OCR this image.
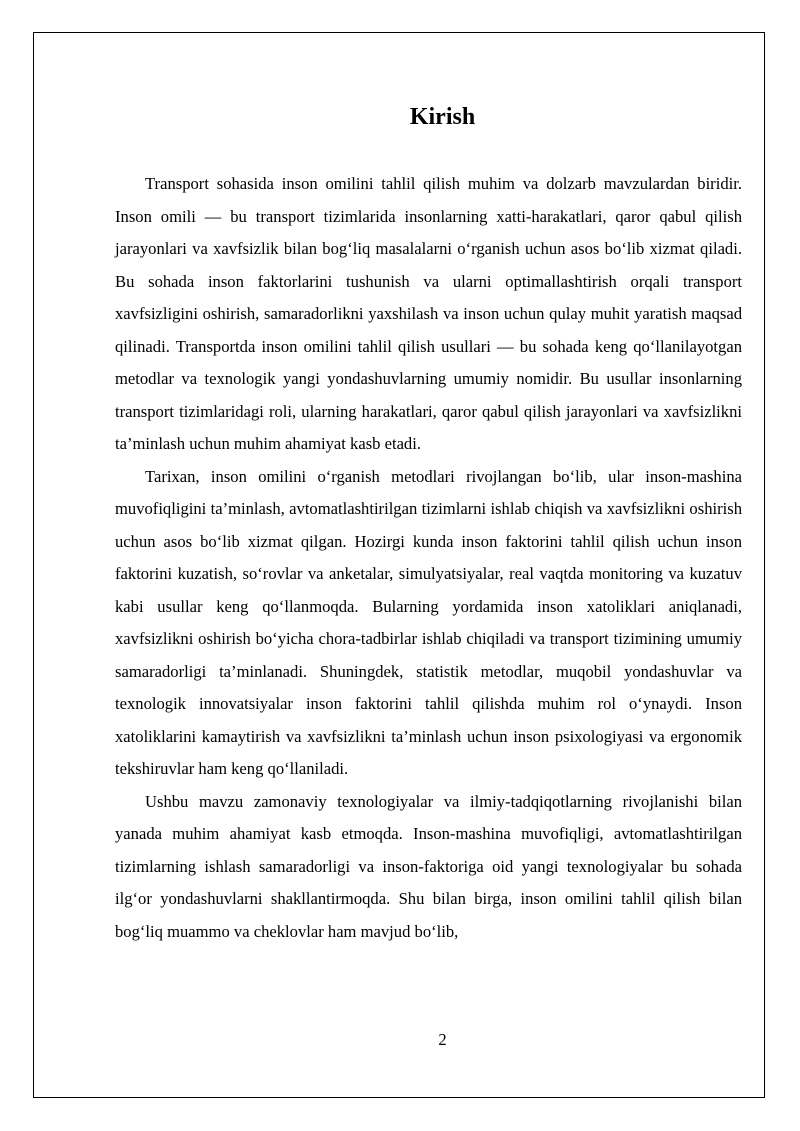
Kirish

Transport sohasida inson omilini tahlil qilish muhim va dolzarb mavzulardan biridir. Inson omili — bu transport tizimlarida insonlarning xatti-harakatlari, qaror qabul qilish jarayonlari va xavfsizlik bilan bog‘liq masalalarni o‘rganish uchun asos bo‘lib xizmat qiladi. Bu sohada inson faktorlarini tushunish va ularni optimallashtirish orqali transport xavfsizligini oshirish, samaradorlikni yaxshilash va inson uchun qulay muhit yaratish maqsad qilinadi. Transportda inson omilini tahlil qilish usullari — bu sohada keng qo‘llanilayotgan metodlar va texnologik yangi yondashuvlarning umumiy nomidir. Bu usullar insonlarning transport tizimlaridagi roli, ularning harakatlari, qaror qabul qilish jarayonlari va xavfsizlikni ta’minlash uchun muhim ahamiyat kasb etadi.

Tarixan, inson omilini o‘rganish metodlari rivojlangan bo‘lib, ular inson-mashina muvofiqligini ta’minlash, avtomatlashtirilgan tizimlarni ishlab chiqish va xavfsizlikni oshirish uchun asos bo‘lib xizmat qilgan. Hozirgi kunda inson faktorini tahlil qilish uchun inson faktorini kuzatish, so‘rovlar va anketalar, simulyatsiyalar, real vaqtda monitoring va kuzatuv kabi usullar keng qo‘llanmoqda. Bularning yordamida inson xatoliklari aniqlanadi, xavfsizlikni oshirish bo‘yicha chora-tadbirlar ishlab chiqiladi va transport tizimining umumiy samaradorligi ta’minlanadi. Shuningdek, statistik metodlar, muqobil yondashuvlar va texnologik innovatsiyalar inson faktorini tahlil qilishda muhim rol o‘ynaydi. Inson xatoliklarini kamaytirish va xavfsizlikni ta’minlash uchun inson psixologiyasi va ergonomik tekshiruvlar ham keng qo‘llaniladi.

Ushbu mavzu zamonaviy texnologiyalar va ilmiy-tadqiqotlarning rivojlanishi bilan yanada muhim ahamiyat kasb etmoqda. Inson-mashina muvofiqligi, avtomatlashtirilgan tizimlarning ishlash samaradorligi va inson-faktoriga oid yangi texnologiyalar bu sohada ilg‘or yondashuvlarni shakllantirmoqda. Shu bilan birga, inson omilini tahlil qilish bilan bog‘liq muammo va cheklovlar ham mavjud bo‘lib,

2
